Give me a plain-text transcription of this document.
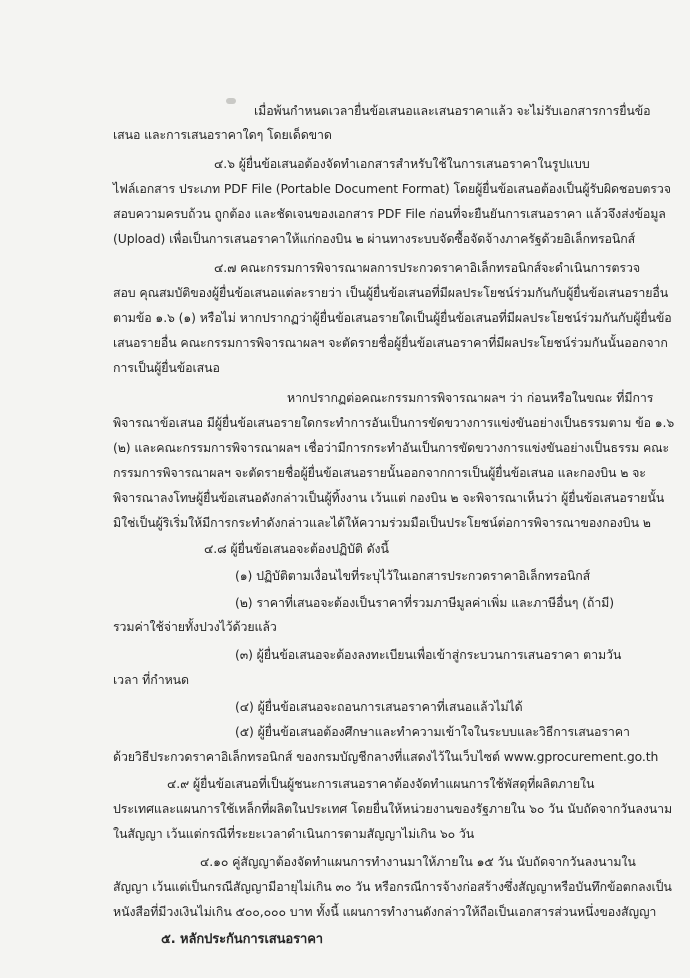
เมื่อพ้นกำหนดเวลายื่นข้อเสนอและเสนอราคาแล้ว จะไม่รับเอกสารการยื่นข้อ
เสนอ และการเสนอราคาใดๆ โดยเด็ดขาด
๔.๖ ผู้ยื่นข้อเสนอต้องจัดทำเอกสารสำหรับใช้ในการเสนอราคาในรูปแบบ
ไฟล์เอกสาร ประเภท PDF File (Portable Document Format) โดยผู้ยื่นข้อเสนอต้องเป็นผู้รับผิดชอบตรวจ
สอบความครบถ้วน ถูกต้อง และชัดเจนของเอกสาร PDF File ก่อนที่จะยืนยันการเสนอราคา แล้วจึงส่งข้อมูล
(Upload) เพื่อเป็นการเสนอราคาให้แก่กองบิน ๒ ผ่านทางระบบจัดซื้อจัดจ้างภาครัฐด้วยอิเล็กทรอนิกส์
๔.๗ คณะกรรมการพิจารณาผลการประกวดราคาอิเล็กทรอนิกส์จะดำเนินการตรวจ
สอบ คุณสมบัติของผู้ยื่นข้อเสนอแต่ละรายว่า เป็นผู้ยื่นข้อเสนอที่มีผลประโยชน์ร่วมกันกับผู้ยื่นข้อเสนอรายอื่น
ตามข้อ ๑.๖ (๑) หรือไม่ หากปรากฏว่าผู้ยื่นข้อเสนอรายใดเป็นผู้ยื่นข้อเสนอที่มีผลประโยชน์ร่วมกันกับผู้ยื่นข้อ
เสนอรายอื่น คณะกรรมการพิจารณาผลฯ จะตัดรายชื่อผู้ยื่นข้อเสนอราคาที่มีผลประโยชน์ร่วมกันนั้นออกจาก
การเป็นผู้ยื่นข้อเสนอ
หากปรากฏต่อคณะกรรมการพิจารณาผลฯ ว่า ก่อนหรือในขณะ ที่มีการ
พิจารณาข้อเสนอ มีผู้ยื่นข้อเสนอรายใดกระทำการอันเป็นการขัดขวางการแข่งขันอย่างเป็นธรรมตาม ข้อ ๑.๖
(๒) และคณะกรรมการพิจารณาผลฯ เชื่อว่ามีการกระทำอันเป็นการขัดขวางการแข่งขันอย่างเป็นธรรม คณะ
กรรมการพิจารณาผลฯ จะตัดรายชื่อผู้ยื่นข้อเสนอรายนั้นออกจากการเป็นผู้ยื่นข้อเสนอ และกองบิน ๒ จะ
พิจารณาลงโทษผู้ยื่นข้อเสนอดังกล่าวเป็นผู้ทิ้งงาน เว้นแต่ กองบิน ๒ จะพิจารณาเห็นว่า ผู้ยื่นข้อเสนอรายนั้น
มิใช่เป็นผู้ริเริ่มให้มีการกระทำดังกล่าวและได้ให้ความร่วมมือเป็นประโยชน์ต่อการพิจารณาของกองบิน ๒
๔.๘ ผู้ยื่นข้อเสนอจะต้องปฏิบัติ ดังนี้
(๑) ปฏิบัติตามเงื่อนไขที่ระบุไว้ในเอกสารประกวดราคาอิเล็กทรอนิกส์
(๒) ราคาที่เสนอจะต้องเป็นราคาที่รวมภาษีมูลค่าเพิ่ม และภาษีอื่นๆ (ถ้ามี)
รวมค่าใช้จ่ายทั้งปวงไว้ด้วยแล้ว
(๓) ผู้ยื่นข้อเสนอจะต้องลงทะเบียนเพื่อเข้าสู่กระบวนการเสนอราคา ตามวัน
เวลา ที่กำหนด
(๔) ผู้ยื่นข้อเสนอจะถอนการเสนอราคาที่เสนอแล้วไม่ได้
(๕) ผู้ยื่นข้อเสนอต้องศึกษาและทำความเข้าใจในระบบและวิธีการเสนอราคา
ด้วยวิธีประกวดราคาอิเล็กทรอนิกส์ ของกรมบัญชีกลางที่แสดงไว้ในเว็บไซต์ www.gprocurement.go.th
๔.๙ ผู้ยื่นข้อเสนอที่เป็นผู้ชนะการเสนอราคาต้องจัดทำแผนการใช้พัสดุที่ผลิตภายใน
ประเทศและแผนการใช้เหล็กที่ผลิตในประเทศ โดยยื่นให้หน่วยงานของรัฐภายใน ๖๐ วัน นับถัดจากวันลงนาม
ในสัญญา เว้นแต่กรณีที่ระยะเวลาดำเนินการตามสัญญาไม่เกิน ๖๐ วัน
๔.๑๐ คู่สัญญาต้องจัดทำแผนการทำงานมาให้ภายใน ๑๕ วัน นับถัดจากวันลงนามใน
สัญญา เว้นแต่เป็นกรณีสัญญามีอายุไม่เกิน ๓๐ วัน หรือกรณีการจ้างก่อสร้างซึ่งสัญญาหรือบันทึกข้อตกลงเป็น
หนังสือที่มีวงเงินไม่เกิน ๕๐๐,๐๐๐ บาท ทั้งนี้ แผนการทำงานดังกล่าวให้ถือเป็นเอกสารส่วนหนึ่งของสัญญา
๕. หลักประกันการเสนอราคา
